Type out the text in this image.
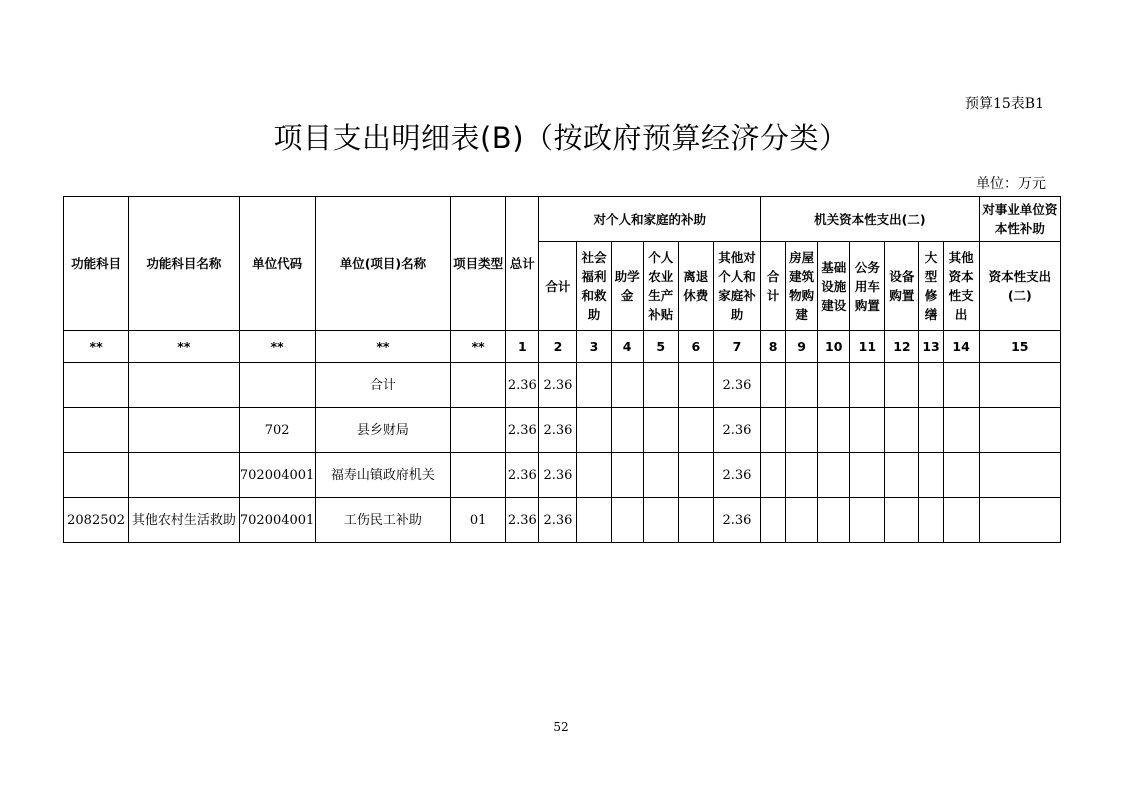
预算15表B1
项目支出明细表(B)（按政府预算经济分类）
单位：万元
功能科目	功能科目名称	单位代码	单位(项目)名称	项目类型	总计	对个人和家庭的补助						机关资本性支出(二)							对事业单位资本性补助
						合计	社会福利和救助	助学金	个人农业生产补贴	离退休费	其他对个人和家庭补助	合计	房屋建筑物购建	基础设施建设	公务用车购置	设备购置	大型修缮	其他资本性支出	资本性支出(二)
**	**	**	**	**	1	2	3	4	5	6	7	8	9	10	11	12	13	14	15
			合计		2.36	2.36					2.36								
		702	县乡财局		2.36	2.36					2.36								
		702004001	福寿山镇政府机关		2.36	2.36					2.36								
2082502	其他农村生活救助	702004001	工伤民工补助	01	2.36	2.36					2.36								
52
